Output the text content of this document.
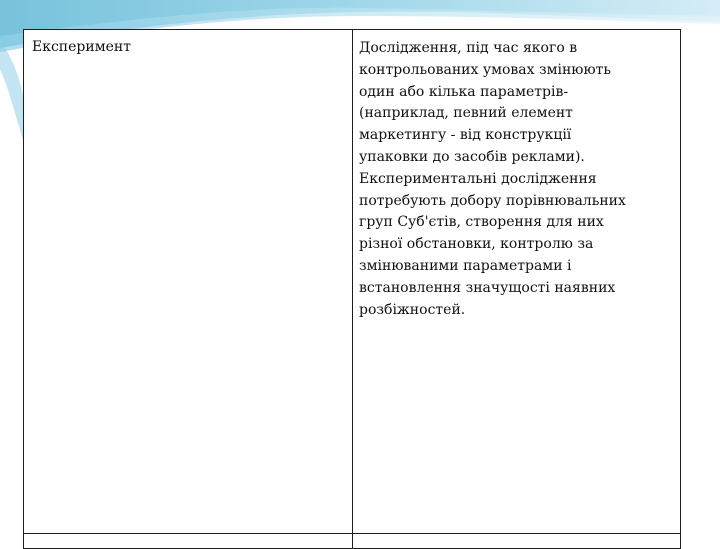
Експеримент	Дослідження, під час якого в
контрольованих умовах змінюють
один або кілька параметрів-
(наприклад, певний елемент
маркетингу - від конструкції
упаковки до засобів реклами).
Експериментальні дослідження
потребують добору порівнювальних
груп Суб'єтів, створення для них
різної обстановки, контролю за
змінюваними параметрами і
встановлення значущості наявних
розбіжностей.
